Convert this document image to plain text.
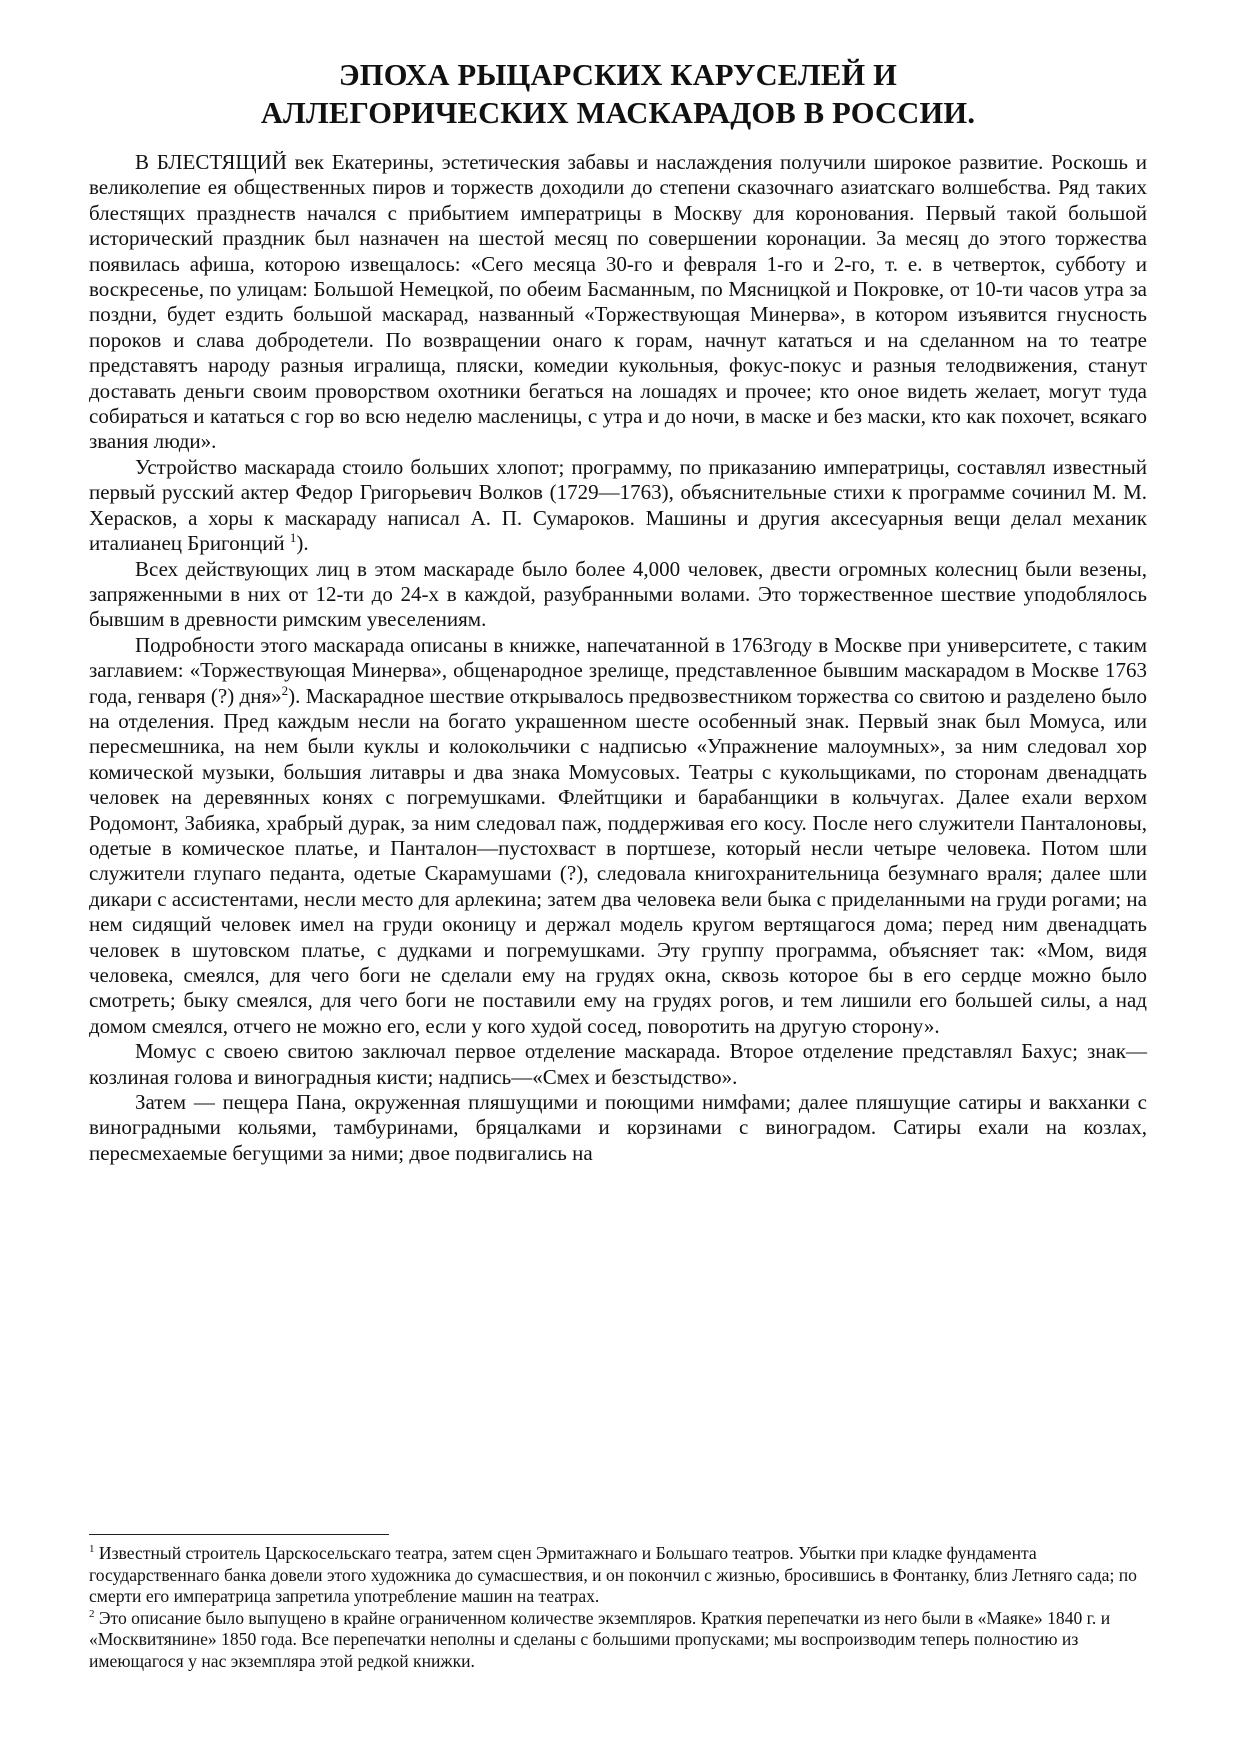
ЭПОХА РЫЦАРСКИХ КАРУСЕЛЕЙ И
АЛЛЕГОРИЧЕСКИХ МАСКАРАДОВ В РОССИИ.

В БЛЕСТЯЩИЙ век Екатерины, эстетическия забавы и наслаждения получили широкое развитие. Роскошь и великолепие ея общественных пиров и торжеств доходили до степени сказочнаго азиатскаго волшебства. Ряд таких блестящих празднеств начался с прибытием императрицы в Москву для коронования. Первый такой большой исторический праздник был назначен на шестой месяц по совершении коронации. За месяц до этого торжества появилась афиша, которою извещалось: «Сего месяца 30-го и февраля 1-го и 2-го, т. е. в четверток, субботу и воскресенье, по улицам: Большой Немецкой, по обеим Басманным, по Мясницкой и Покровке, от 10-ти часов утра за поздни, будет ездить большой маскарад, названный «Торжествующая Минерва», в котором изъявится гнусность пороков и слава добродетели. По возвращении онаго к горам, начнут кататься и на сделанном на то театре представятъ народу разныя игралища, пляски, комедии кукольныя, фокус-покус и разныя телодвижения, станут доставать деньги своим проворством охотники бегаться на лошадях и прочее; кто оное видеть желает, могут туда собираться и кататься с гор во всю неделю масленицы, с утра и до ночи, в маске и без маски, кто как похочет, всякаго звания люди».

Устройство маскарада стоило больших хлопот; программу, по приказанию императрицы, составлял известный первый русский актер Федор Григорьевич Волков (1729—1763), объяснительные стихи к программе сочинил М. М. Херасков, а хоры к маскараду написал А. П. Сумароков. Машины и другия аксесуарныя вещи делал механик италианец Бригонций $^1$).

Всех действующих лиц в этом маскараде было более 4,000 человек, двести огромных колесниц были везены, запряженными в них от 12-ти до 24-х в каждой, разубранными волами. Это торжественное шествие уподоблялось бывшим в древности римским увеселениям.

Подробности этого маскарада описаны в книжке, напечатанной в 1763году в Москве при университете, с таким заглавием: «Торжествующая Минерва», общенародное зрелище, представленное бывшим маскарадом в Москве 1763 года, генваря (?) дня»$^2$). Маскарадное шествие открывалось предвозвестником торжества со свитою и разделено было на отделения. Пред каждым несли на богато украшенном шесте особенный знак. Первый знак был Момуса, или пересмешника, на нем были куклы и колокольчики с надписью «Упражнение малоумных», за ним следовал хор комической музыки, большия литавры и два знака Момусовых. Театры с кукольщиками, по сторонам двенадцать человек на деревянных конях с погремушками. Флейтщики и барабанщики в кольчугах. Далее ехали верхом Родомонт, Забияка, храбрый дурак, за ним следовал паж, поддерживая его косу. После него служители Панталоновы, одетые в комическое платье, и Панталон—пустохваст в портшезе, который несли четыре человека. Потом шли служители глупаго педанта, одетые Скарамушами (?), следовала книгохранительница безумнаго враля; далее шли дикари с ассистентами, несли место для арлекина; затем два человека вели быка с приделанными на груди рогами; на нем сидящий человек имел на груди оконицу и держал модель кругом вертящагося дома; перед ним двенадцать человек в шутовском платье, с дудками и погремушками. Эту группу программа, объясняет так: «Мом, видя человека, смеялся, для чего боги не сделали ему на грудях окна, сквозь которое бы в его сердце можно было смотреть; быку смеялся, для чего боги не поставили ему на грудях рогов, и тем лишили его большей силы, а над домом смеялся, отчего не можно его, если у кого худой сосед, поворотить на другую сторону».

Момус с своею свитою заключал первое отделение маскарада. Второе отделение представлял Бахус; знак—козлиная голова и виноградныя кисти; надпись—«Смех и безстыдство».

Затем — пещера Пана, окруженная пляшущими и поющими нимфами; далее пляшущие сатиры и вакханки с виноградными кольями, тамбуринами, бряцалками и корзинами с виноградом. Сатиры ехали на козлах, пересмехаемые бегущими за ними; двое подвигались на

$^1$ Известный строитель Царскосельскаго театра, затем сцен Эрмитажнаго и Большаго театров. Убытки при кладке фундамента государственнаго банка довели этого художника до сумасшествия, и он покончил с жизнью, бросившись в Фонтанку, близ Летняго сада; по смерти его императрица запретила употребление машин на театрах.

$^2$ Это описание было выпущено в крайне ограниченном количестве экземпляров. Краткия перепечатки из него были в «Маяке» 1840 г. и «Москвитянине» 1850 года. Все перепечатки неполны и сделаны с большими пропусками; мы воспроизводим теперь полностию из имеющагося у нас экземпляра этой редкой книжки.
